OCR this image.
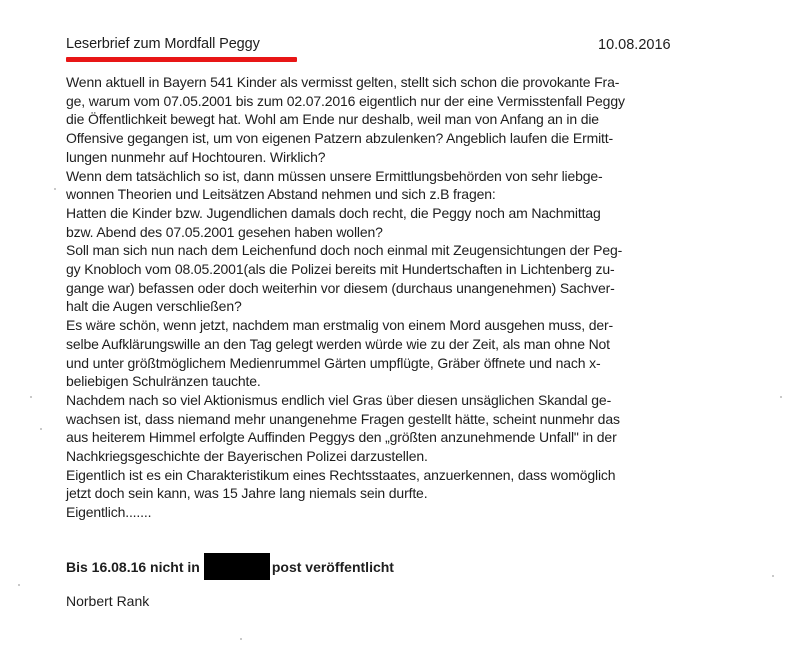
Leserbrief zum Mordfall Peggy	10.08.2016
Wenn aktuell in Bayern 541 Kinder als vermisst gelten, stellt sich schon die provokante Fra-
ge, warum vom 07.05.2001 bis zum 02.07.2016 eigentlich nur der eine Vermisstenfall Peggy
die Öffentlichkeit bewegt hat. Wohl am Ende nur deshalb, weil man von Anfang an in die
Offensive gegangen ist, um von eigenen Patzern abzulenken? Angeblich laufen die Ermitt-
lungen nunmehr auf Hochtouren. Wirklich?
Wenn dem tatsächlich so ist, dann müssen unsere Ermittlungsbehörden von sehr liebge-
wonnen Theorien und Leitsätzen Abstand nehmen und sich z.B fragen:
Hatten die Kinder bzw. Jugendlichen damals doch recht, die Peggy noch am Nachmittag
bzw. Abend des 07.05.2001 gesehen haben wollen?
Soll man sich nun nach dem Leichenfund doch noch einmal mit Zeugensichtungen der Peg-
gy Knobloch vom 08.05.2001(als die Polizei bereits mit Hundertschaften in Lichtenberg zu-
gange war) befassen oder doch weiterhin vor diesem (durchaus unangenehmen) Sachver-
halt die Augen verschließen?
Es wäre schön, wenn jetzt, nachdem man erstmalig von einem Mord ausgehen muss, der-
selbe Aufklärungswille an den Tag gelegt werden würde wie zu der Zeit, als man ohne Not
und unter größtmöglichem Medienrummel Gärten umpflügte, Gräber öffnete und nach x-
beliebigen Schulränzen tauchte.
Nachdem nach so viel Aktionismus endlich viel Gras über diesen unsäglichen Skandal ge-
wachsen ist, dass niemand mehr unangenehme Fragen gestellt hätte, scheint nunmehr das
aus heiterem Himmel erfolgte Auffinden Peggys den „größten anzunehmende Unfall" in der
Nachkriegsgeschichte der Bayerischen Polizei darzustellen.
Eigentlich ist es ein Charakteristikum eines Rechtsstaates, anzuerkennen, dass womöglich
jetzt doch sein kann, was 15 Jahre lang niemals sein durfte.
Eigentlich.......
Bis 16.08.16 nicht in	post veröffentlicht
Norbert Rank
